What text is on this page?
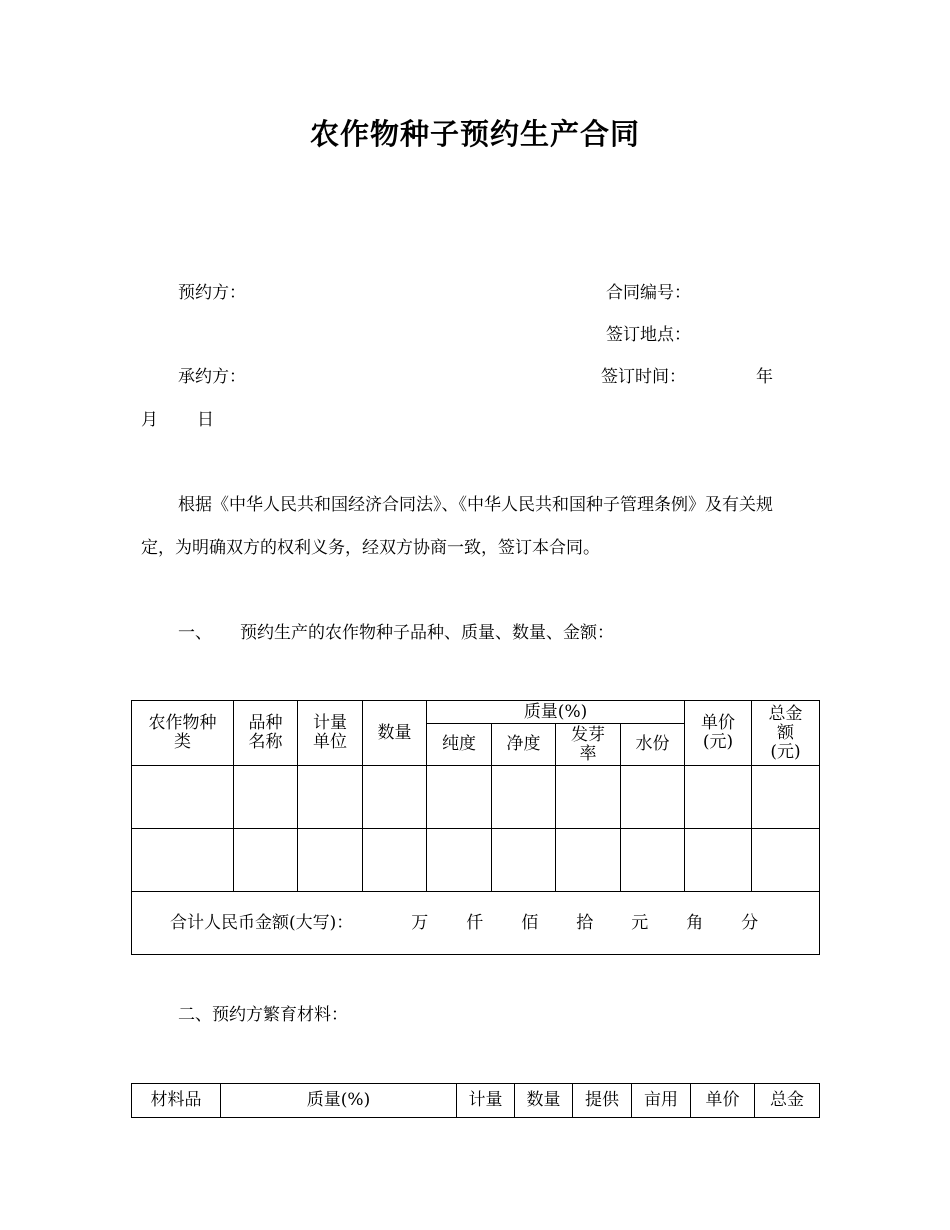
农作物种子预约生产合同
预约方：	合同编号：
签订地点：
承约方：	签订时间：	年
月 日
根据《中华人民共和国经济合同法》、《中华人民共和国种子管理条例》及有关规
定，为明确双方的权利义务，经双方协商一致，签订本合同。
一、 预约生产的农作物种子品种、质量、数量、金额：
农作物种类	品种名称	计量单位	数量	质量(%)				单价(元)	总金额(元)
				纯度	净度	发芽率	水份		

合计人民币金额(大写)： 万 仟 佰 拾 元 角 分									
二、预约方繁育材料：
材料品	质量(%)	计量	数量	提供	亩用	单价	总金
